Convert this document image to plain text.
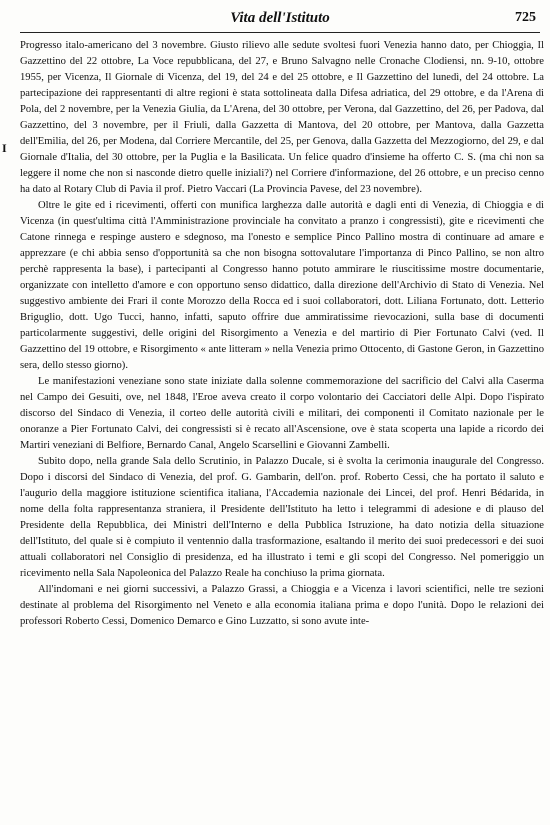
Vita dell'Istituto	725
I

Progresso italo-americano del 3 novembre. Giusto rilievo alle sedute svoltesi fuori Venezia hanno dato, per Chioggia, Il Gazzettino del 22 ottobre, La Voce repubblicana, del 27, e Bruno Salvagno nelle Cronache Clodiensi, nn. 9-10, ottobre 1955, per Vicenza, Il Giornale di Vicenza, del 19, del 24 e del 25 ottobre, e Il Gazzettino del lunedì, del 24 ottobre. La partecipazione dei rappresentanti di altre regioni è stata sottolineata dalla Difesa adriatica, del 29 ottobre, e da l'Arena di Pola, del 2 novembre, per la Venezia Giulia, da L'Arena, del 30 ottobre, per Verona, dal Gazzettino, del 26, per Padova, dal Gazzettino, del 3 novembre, per il Friuli, dalla Gazzetta di Mantova, del 20 ottobre, per Mantova, dalla Gazzetta dell'Emilia, del 26, per Modena, dal Corriere Mercantile, del 25, per Genova, dalla Gazzetta del Mezzogiorno, del 29, e dal Giornale d'Italia, del 30 ottobre, per la Puglia e la Basilicata. Un felice quadro d'insieme ha offerto C. S. (ma chi non sa leggere il nome che non si nasconde dietro quelle iniziali?) nel Corriere d'informazione, del 26 ottobre, e un preciso cenno ha dato al Rotary Club di Pavia il prof. Pietro Vaccari (La Provincia Pavese, del 23 novembre).

Oltre le gite ed i ricevimenti, offerti con munifica larghezza dalle autorità e dagli enti di Venezia, di Chioggia e di Vicenza (in quest'ultima città l'Amministrazione provinciale ha convitato a pranzo i congressisti), gite e ricevimenti che Catone rinnega e respinge austero e sdegnoso, ma l'onesto e semplice Pinco Pallino mostra di continuare ad amare e apprezzare (e chi abbia senso d'opportunità sa che non bisogna sottovalutare l'importanza di Pinco Pallino, se non altro perchè rappresenta la base), i partecipanti al Congresso hanno potuto ammirare le riuscitissime mostre documentarie, organizzate con intelletto d'amore e con opportuno senso didattico, dalla direzione dell'Archivio di Stato di Venezia. Nel suggestivo ambiente dei Frari il conte Morozzo della Rocca ed i suoi collaboratori, dott. Liliana Fortunato, dott. Letterio Briguglio, dott. Ugo Tucci, hanno, infatti, saputo offrire due ammiratissime rievocazioni, sulla base di documenti particolarmente suggestivi, delle origini del Risorgimento a Venezia e del martirio di Pier Fortunato Calvi (ved. Il Gazzettino del 19 ottobre, e Risorgimento « ante litteram » nella Venezia primo Ottocento, di Gastone Geron, in Gazzettino sera, dello stesso giorno).

Le manifestazioni veneziane sono state iniziate dalla solenne commemorazione del sacrificio del Calvi alla Caserma nel Campo dei Gesuiti, ove, nel 1848, l'Eroe aveva creato il corpo volontario dei Cacciatori delle Alpi. Dopo l'ispirato discorso del Sindaco di Venezia, il corteo delle autorità civili e militari, dei componenti il Comitato nazionale per le onoranze a Pier Fortunato Calvi, dei congressisti si è recato all'Ascensione, ove è stata scoperta una lapide a ricordo dei Martiri veneziani di Belfiore, Bernardo Canal, Angelo Scarsellini e Giovanni Zambelli.

Subito dopo, nella grande Sala dello Scrutinio, in Palazzo Ducale, si è svolta la cerimonia inaugurale del Congresso. Dopo i discorsi del Sindaco di Venezia, del prof. G. Gambarin, dell'on. prof. Roberto Cessi, che ha portato il saluto e l'augurio della maggiore istituzione scientifica italiana, l'Accademia nazionale dei Lincei, del prof. Henri Bédarida, in nome della folta rappresentanza straniera, il Presidente dell'Istituto ha letto i telegrammi di adesione e di plauso del Presidente della Repubblica, dei Ministri dell'Interno e della Pubblica Istruzione, ha dato notizia della situazione dell'Istituto, del quale si è compiuto il ventennio dalla trasformazione, esaltando il merito dei suoi predecessori e dei suoi attuali collaboratori nel Consiglio di presidenza, ed ha illustrato i temi e gli scopi del Congresso. Nel pomeriggio un ricevimento nella Sala Napoleonica del Palazzo Reale ha conchiuso la prima giornata.

All'indomani e nei giorni successivi, a Palazzo Grassi, a Chioggia e a Vicenza i lavori scientifici, nelle tre sezioni destinate al problema del Risorgimento nel Veneto e alla economia italiana prima e dopo l'unità. Dopo le relazioni dei professori Roberto Cessi, Domenico Demarco e Gino Luzzatto, si sono avute inte-
